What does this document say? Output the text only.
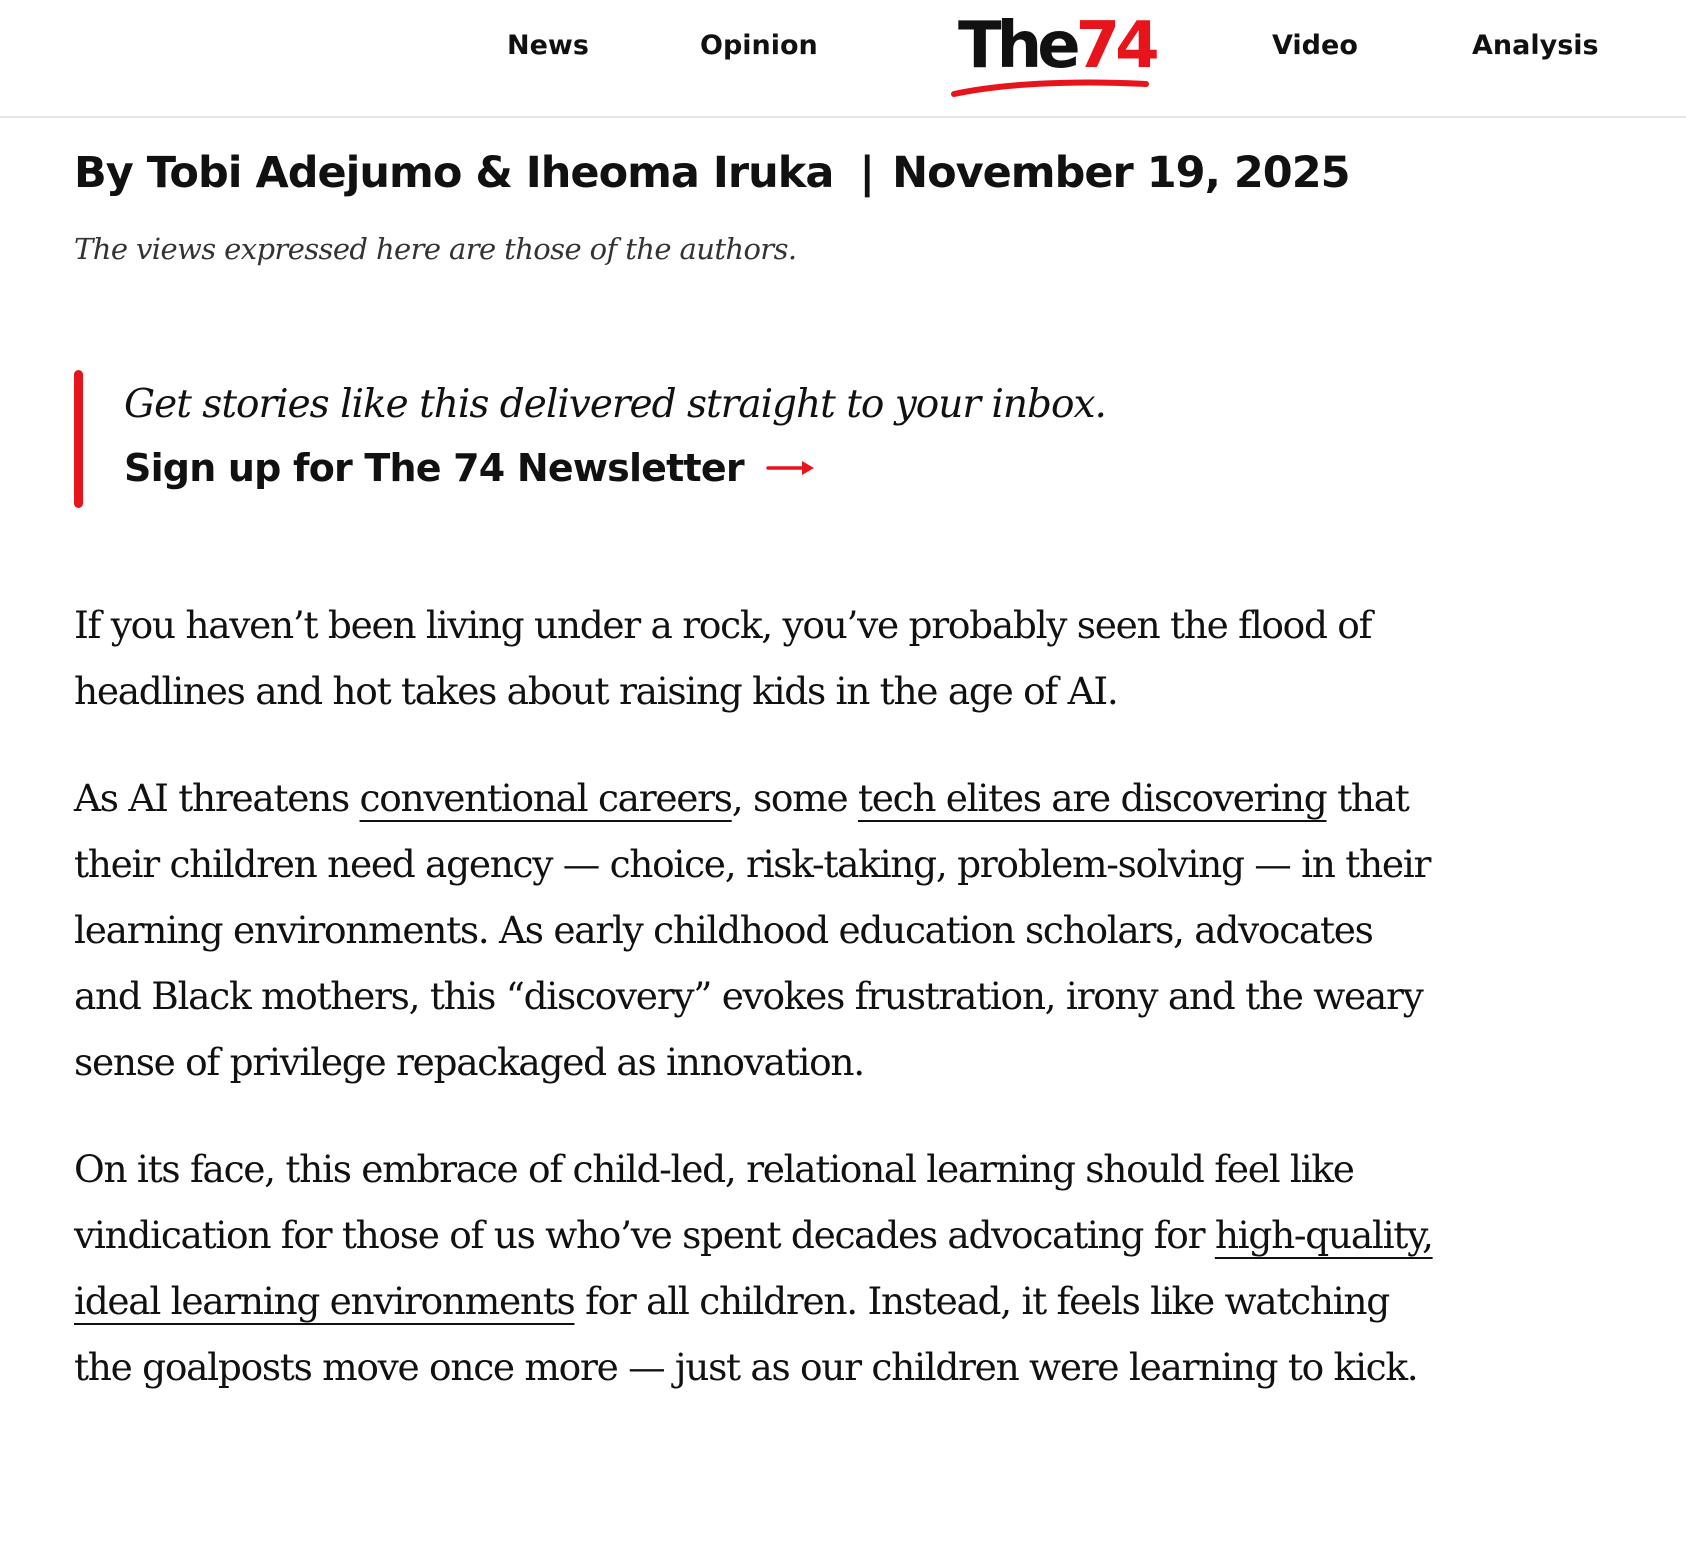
News	Opinion The74	Video	Analysis
By Tobi Adejumo & Iheoma Iruka | November 19, 2025
The views expressed here are those of the authors.
Get stories like this delivered straight to your inbox.
Sign up for The 74 Newsletter

If you haven’t been living under a rock, you’ve probably seen the flood of headlines and hot takes about raising kids in the age of AI.

As AI threatens conventional careers, some tech elites are discovering that their children need agency — choice, risk-taking, problem-solving — in their learning environments. As early childhood education scholars, advocates and Black mothers, this “discovery” evokes frustration, irony and the weary sense of privilege repackaged as innovation.

On its face, this embrace of child-led, relational learning should feel like vindication for those of us who’ve spent decades advocating for high-quality, ideal learning environments for all children. Instead, it feels like watching the goalposts move once more — just as our children were learning to kick.
